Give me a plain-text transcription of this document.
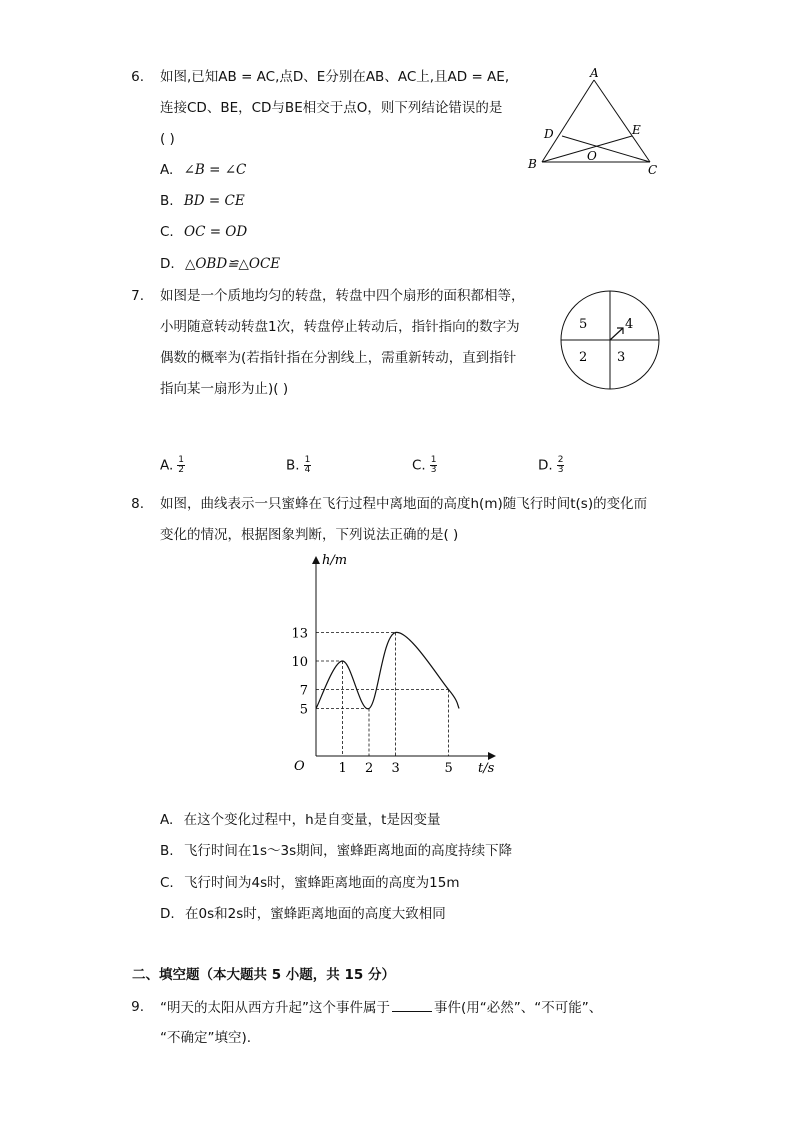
6. 如图,已知AB = AC,点D、E分别在AB、AC上,且AD = AE,
连接CD、BE，CD与BE相交于点O，则下列结论错误的是
( )
A. ∠B = ∠C
B. BD = CE
C. OC = OD
D. △OBD≌△OCE
A
B	C
D	E
O
7. 如图是一个质地均匀的转盘，转盘中四个扇形的面积都相等，
小明随意转动转盘1次，转盘停止转动后，指针指向的数字为
偶数的概率为(若指针指在分割线上，需重新转动，直到指针
指向某一扇形为止)( )
5	4
2 3
A. $\frac{1}{2}$	B. $\frac{1}{4}$	C. $\frac{1}{3}$	D. $\frac{2}{3}$
8. 如图，曲线表示一只蜜蜂在飞行过程中离地面的高度h(m)随飞行时间t(s)的变化而
变化的情况，根据图象判断，下列说法正确的是( )
h/m
t/s
O	1 2 3	5
13
10
7
5
A. 在这个变化过程中，h是自变量，t是因变量
B. 飞行时间在1s～3s期间，蜜蜂距离地面的高度持续下降
C. 飞行时间为4s时，蜜蜂距离地面的高度为15m
D. 在0s和2s时，蜜蜂距离地面的高度大致相同
二、填空题（本大题共 5 小题，共 15 分）
9. “明天的太阳从西方升起”这个事件属于	事件(用“必然”、“不可能”、
“不确定”填空).
